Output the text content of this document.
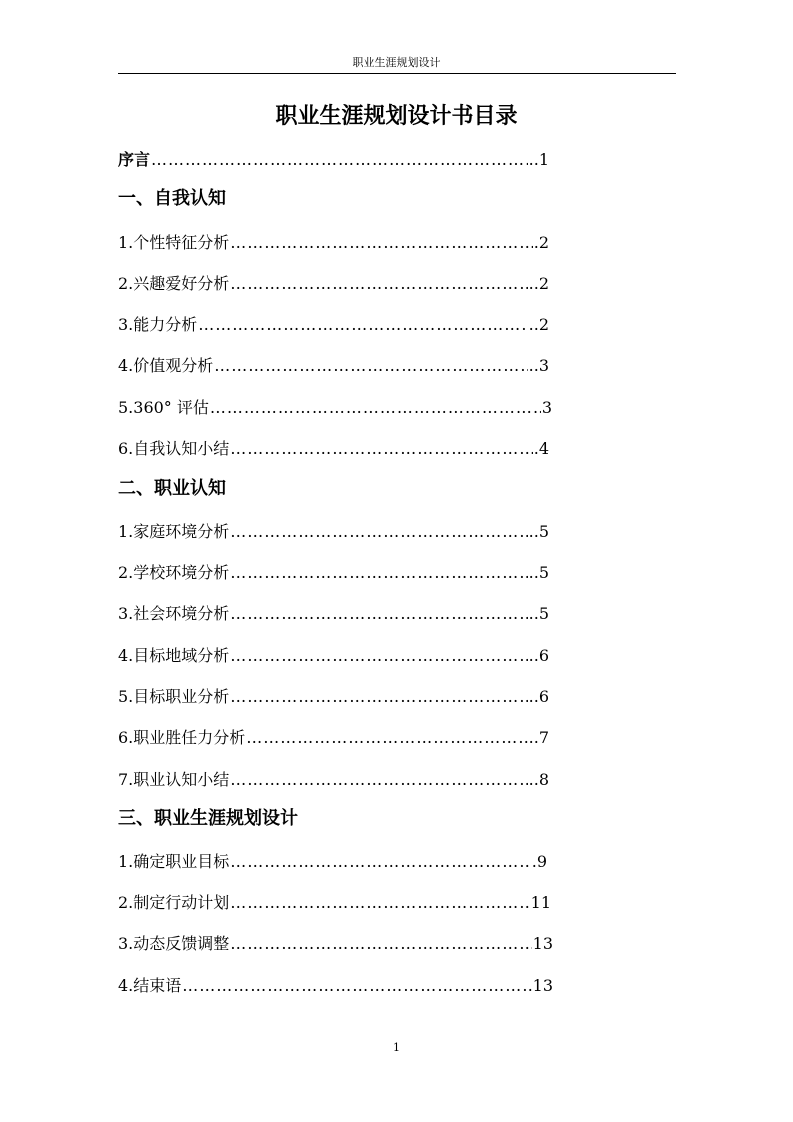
职业生涯规划设计
职业生涯规划设计书目录
序言 ……………………………………………………………………………………………………………………	..1
一、自我认知
1.个性特征分析 ……………………………………………………………………………………………………………………	.2
2.兴趣爱好分析 ……………………………………………………………………………………………………………………	..2
3.能力分析 ……………………………………………………………………………………………………………………	..2
4.价值观分析 ……………………………………………………………………………………………………………………	..3
5.360° 评估 ……………………………………………………………………………………………………………………	3
6.自我认知小结 ……………………………………………………………………………………………………………………	.4
二、职业认知
1.家庭环境分析 ……………………………………………………………………………………………………………………	..5
2.学校环境分析 ……………………………………………………………………………………………………………………	..5
3.社会环境分析 ……………………………………………………………………………………………………………………	..5
4.目标地域分析 ……………………………………………………………………………………………………………………	..6
5.目标职业分析 ……………………………………………………………………………………………………………………	..6
6.职业胜任力分析 ……………………………………………………………………………………………………………………	..7
7.职业认知小结 ……………………………………………………………………………………………………………………	..8
三、职业生涯规划设计
1.确定职业目标 ……………………………………………………………………………………………………………………	.9
2.制定行动计划 ……………………………………………………………………………………………………………………	11
3.动态反馈调整 ……………………………………………………………………………………………………………………	13
4.结束语 ……………………………………………………………………………………………………………………	13
1
